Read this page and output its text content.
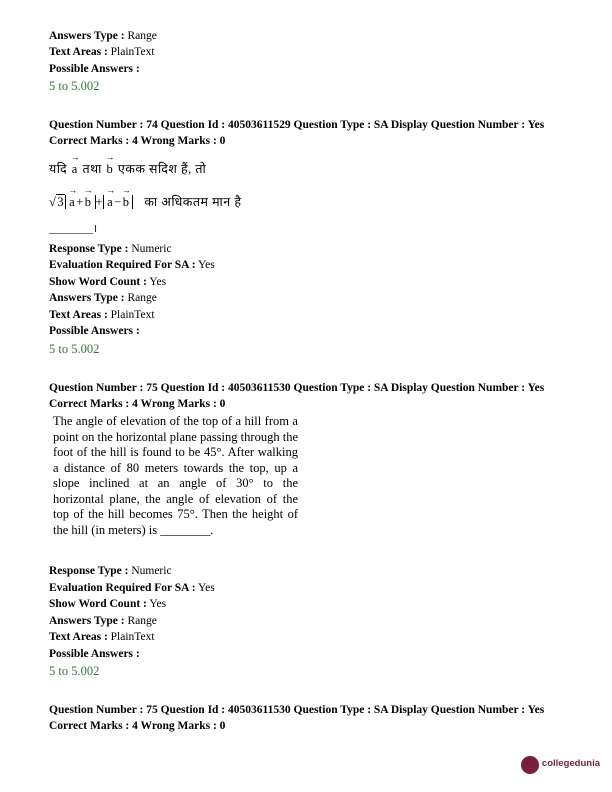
Answers Type : Range
Text Areas : PlainText
Possible Answers :
5 to 5.002
Question Number : 74 Question Id : 40503611529 Question Type : SA Display Question Number : Yes
Correct Marks : 4 Wrong Marks : 0
यदि
→
a तथा
→
b एकक सदिश हैं, तो
√3
→
a+
→
b +
→
a−
→
b का अधिकतम मान है
________।
Response Type : Numeric
Evaluation Required For SA : Yes
Show Word Count : Yes
Answers Type : Range
Text Areas : PlainText
Possible Answers :
5 to 5.002
Question Number : 75 Question Id : 40503611530 Question Type : SA Display Question Number : Yes
Correct Marks : 4 Wrong Marks : 0
The angle of elevation of the top of a hill from a point on the horizontal plane passing through the foot of the hill is found to be 45°. After walking a distance of 80 meters towards the top, up a slope inclined at an angle of 30° to the horizontal plane, the angle of elevation of the top of the hill becomes 75°. Then the height of the hill (in meters) is ________.
Response Type : Numeric
Evaluation Required For SA : Yes
Show Word Count : Yes
Answers Type : Range
Text Areas : PlainText
Possible Answers :
5 to 5.002
Question Number : 75 Question Id : 40503611530 Question Type : SA Display Question Number : Yes
Correct Marks : 4 Wrong Marks : 0
collegedunia
